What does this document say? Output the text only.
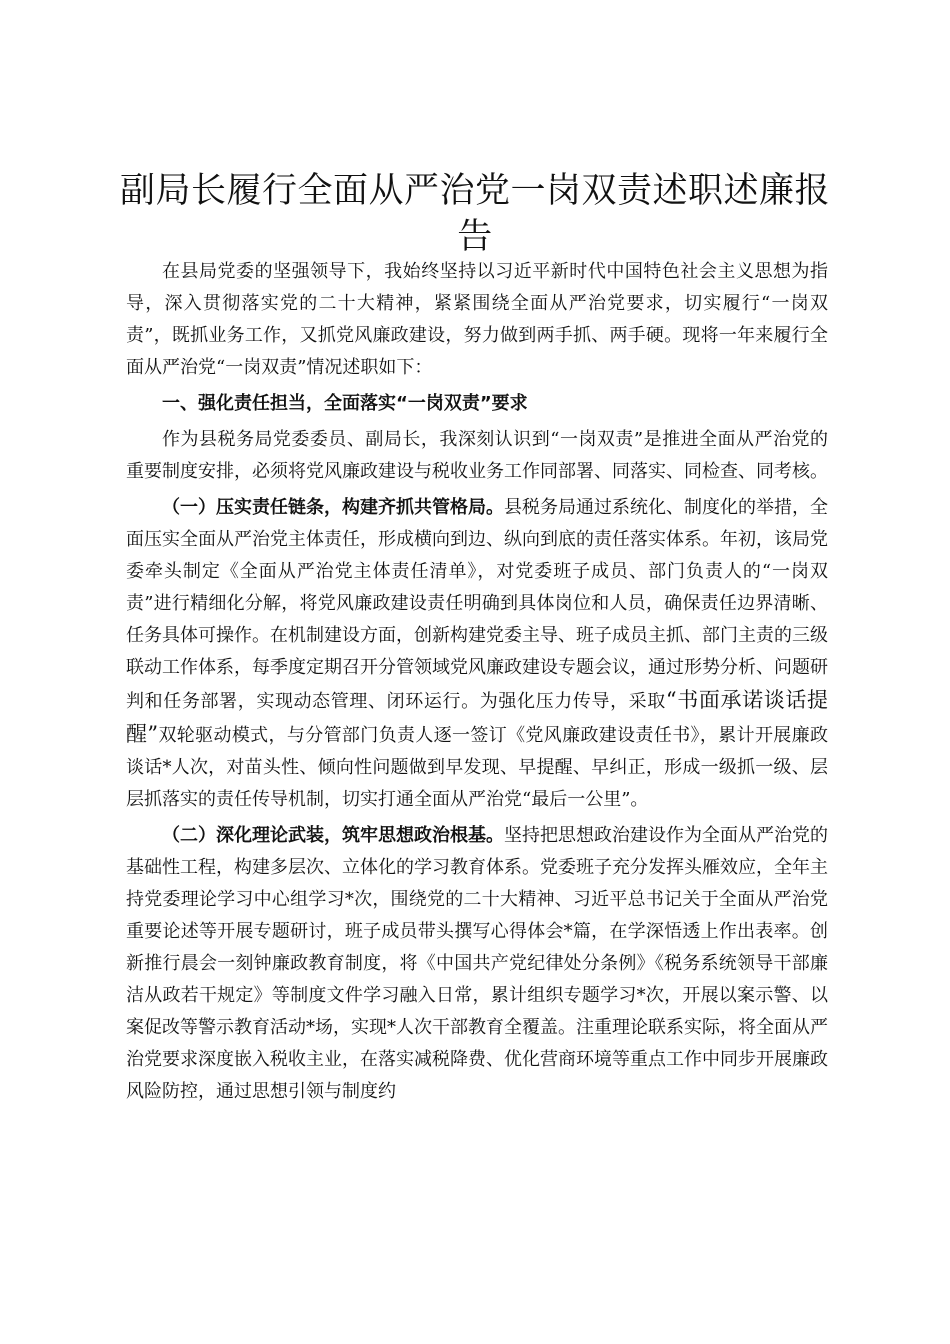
副局长履行全面从严治党一岗双责述职述廉报告

在县局党委的坚强领导下，我始终坚持以习近平新时代中国特色社会主义思想为指导，深入贯彻落实党的二十大精神，紧紧围绕全面从严治党要求，切实履行“一岗双责”，既抓业务工作，又抓党风廉政建设，努力做到两手抓、两手硬。现将一年来履行全面从严治党“一岗双责”情况述职如下：

一、强化责任担当，全面落实“一岗双责”要求

作为县税务局党委委员、副局长，我深刻认识到“一岗双责”是推进全面从严治党的重要制度安排，必须将党风廉政建设与税收业务工作同部署、同落实、同检查、同考核。

（一）压实责任链条，构建齐抓共管格局。县税务局通过系统化、制度化的举措，全面压实全面从严治党主体责任，形成横向到边、纵向到底的责任落实体系。年初，该局党委牵头制定《全面从严治党主体责任清单》，对党委班子成员、部门负责人的“一岗双责”进行精细化分解，将党风廉政建设责任明确到具体岗位和人员，确保责任边界清晰、任务具体可操作。在机制建设方面，创新构建党委主导、班子成员主抓、部门主责的三级联动工作体系，每季度定期召开分管领域党风廉政建设专题会议，通过形势分析、问题研判和任务部署，实现动态管理、闭环运行。为强化压力传导，采取“书面承诺谈话提醒”双轮驱动模式，与分管部门负责人逐一签订《党风廉政建设责任书》，累计开展廉政谈话*人次，对苗头性、倾向性问题做到早发现、早提醒、早纠正，形成一级抓一级、层层抓落实的责任传导机制，切实打通全面从严治党“最后一公里”。

（二）深化理论武装，筑牢思想政治根基。坚持把思想政治建设作为全面从严治党的基础性工程，构建多层次、立体化的学习教育体系。党委班子充分发挥头雁效应，全年主持党委理论学习中心组学习*次，围绕党的二十大精神、习近平总书记关于全面从严治党重要论述等开展专题研讨，班子成员带头撰写心得体会*篇，在学深悟透上作出表率。创新推行晨会一刻钟廉政教育制度，将《中国共产党纪律处分条例》《税务系统领导干部廉洁从政若干规定》等制度文件学习融入日常，累计组织专题学习*次，开展以案示警、以案促改等警示教育活动*场，实现*人次干部教育全覆盖。注重理论联系实际，将全面从严治党要求深度嵌入税收主业，在落实减税降费、优化营商环境等重点工作中同步开展廉政风险防控，通过思想引领与制度约
